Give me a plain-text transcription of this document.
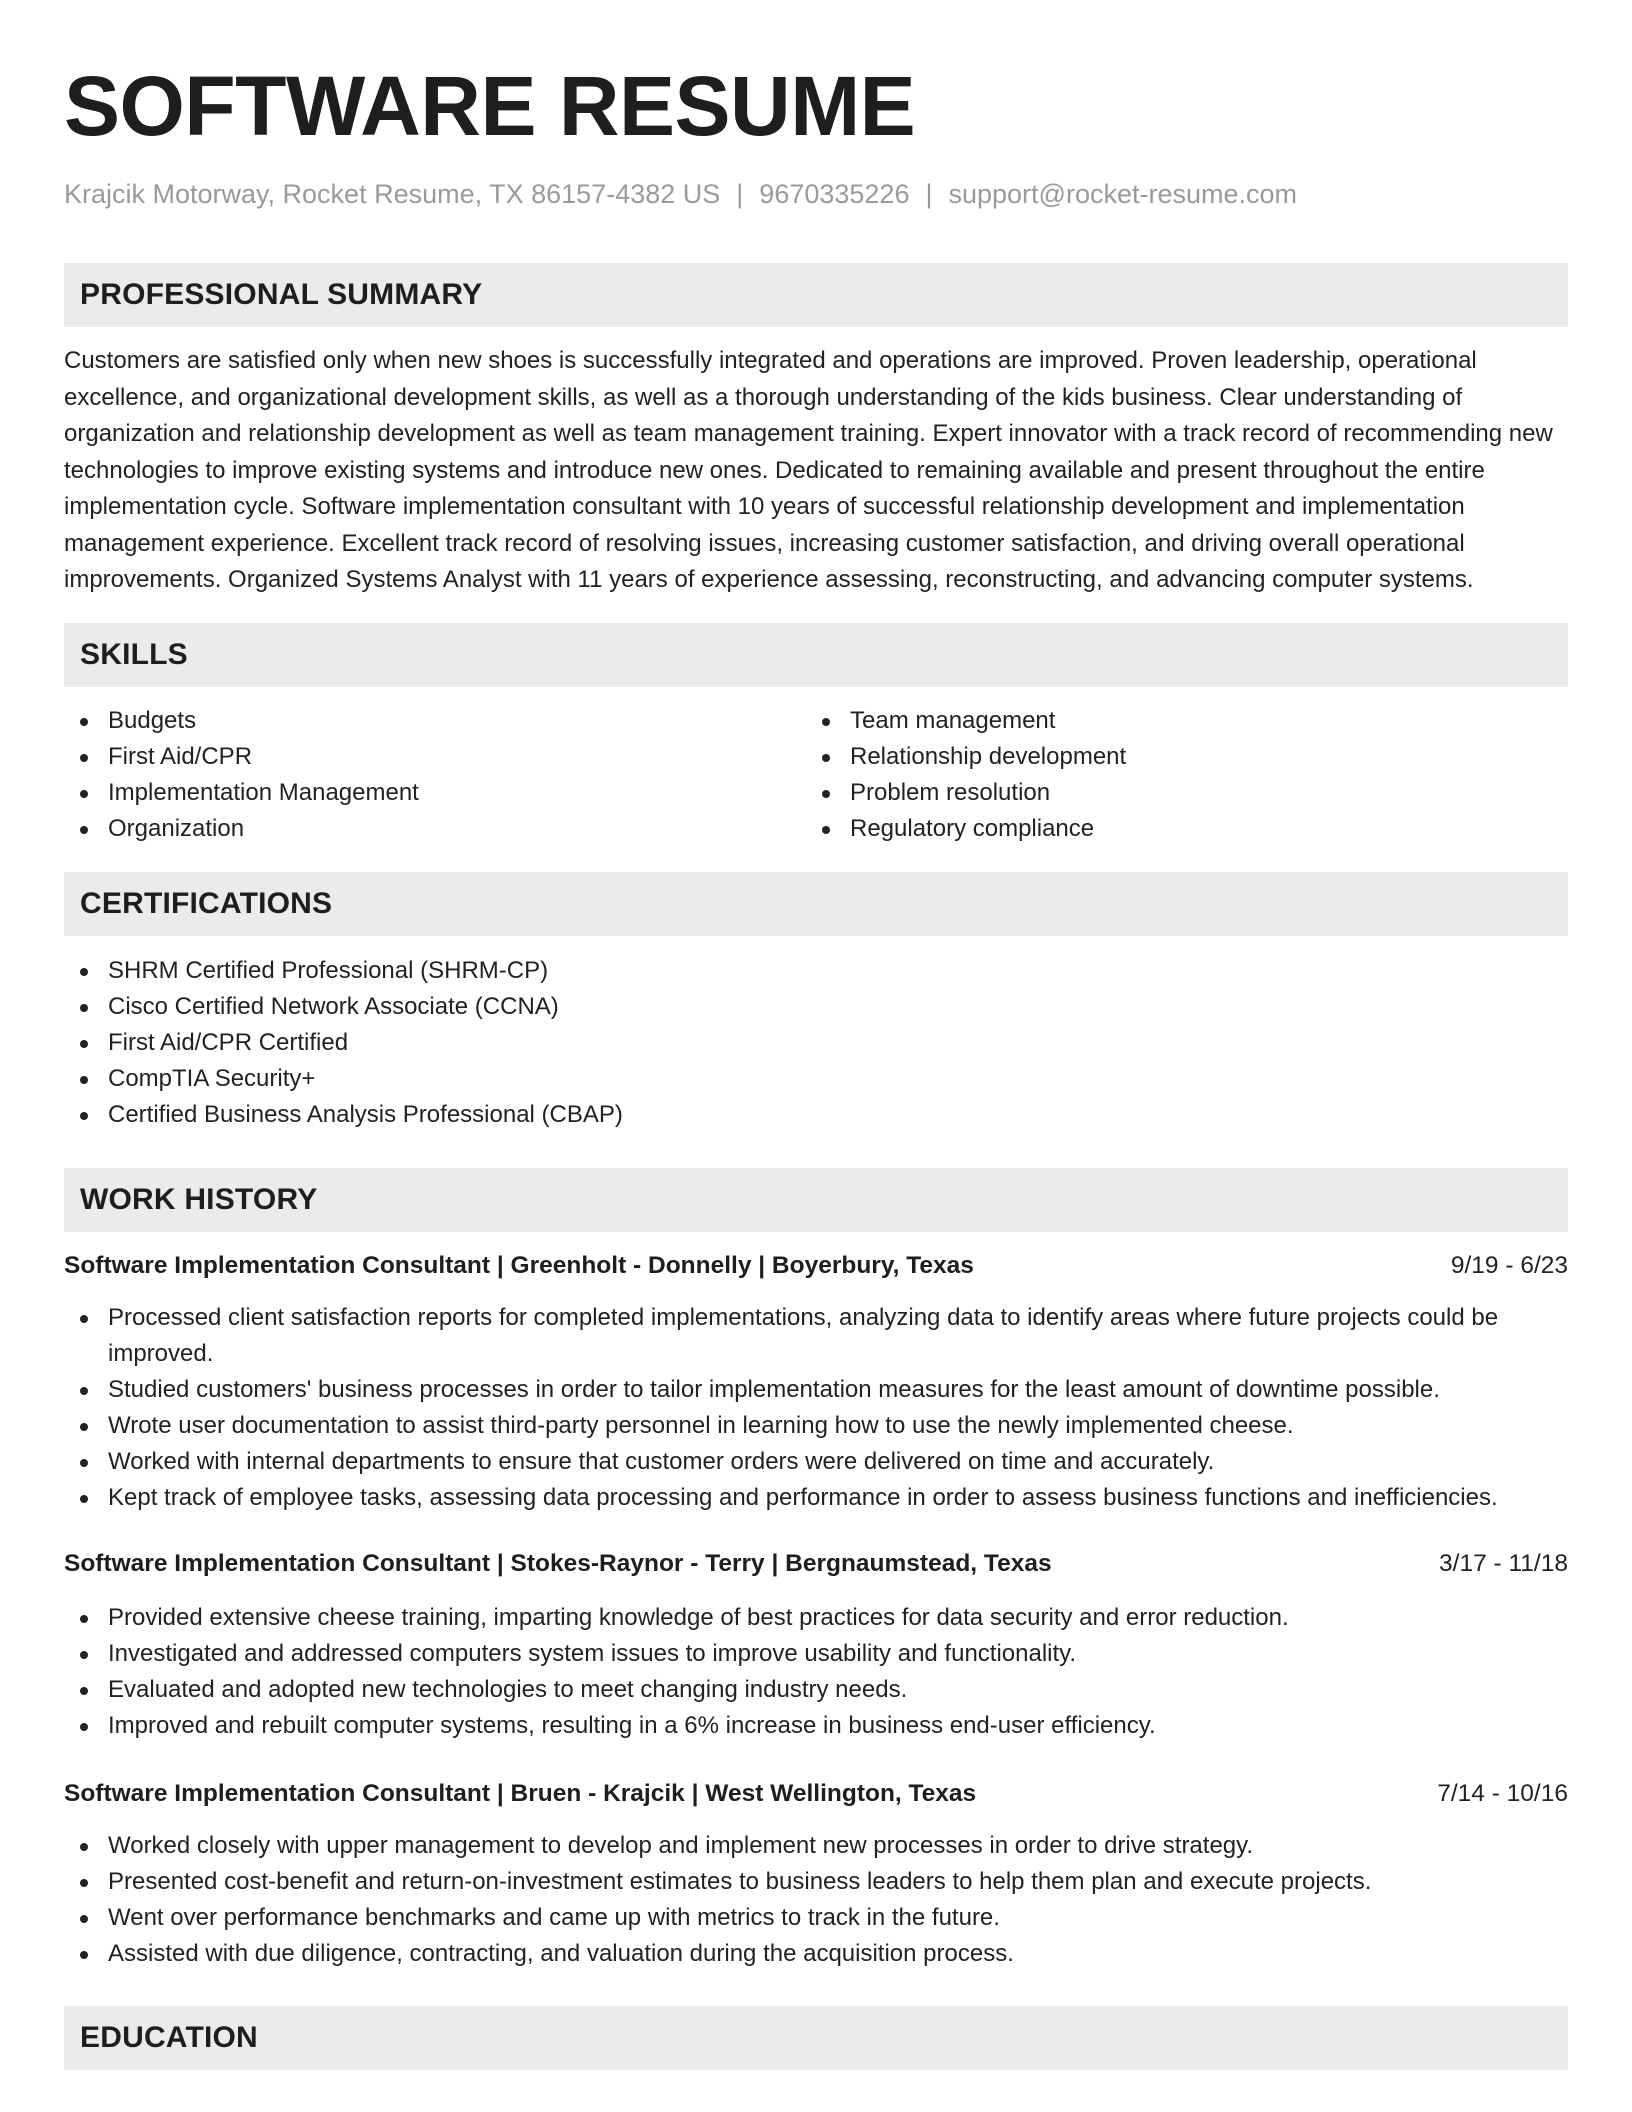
SOFTWARE RESUME
Krajcik Motorway, Rocket Resume, TX 86157-4382 US | 9670335226 | support@rocket-resume.com
PROFESSIONAL SUMMARY

Customers are satisfied only when new shoes is successfully integrated and operations are improved. Proven leadership, operational excellence, and organizational development skills, as well as a thorough understanding of the kids business. Clear understanding of organization and relationship development as well as team management training. Expert innovator with a track record of recommending new technologies to improve existing systems and introduce new ones. Dedicated to remaining available and present throughout the entire implementation cycle. Software implementation consultant with 10 years of successful relationship development and implementation management experience. Excellent track record of resolving issues, increasing customer satisfaction, and driving overall operational improvements. Organized Systems Analyst with 11 years of experience assessing, reconstructing, and advancing computer systems.

SKILLS
Budgets
First Aid/CPR
Implementation Management
Organization
Team management
Relationship development
Problem resolution
Regulatory compliance
CERTIFICATIONS
SHRM Certified Professional (SHRM-CP)
Cisco Certified Network Associate (CCNA)
First Aid/CPR Certified
CompTIA Security+
Certified Business Analysis Professional (CBAP)
WORK HISTORY
Software Implementation Consultant | Greenholt - Donnelly | Boyerbury, Texas	9/19 - 6/23
Processed client satisfaction reports for completed implementations, analyzing data to identify areas where future projects could be improved.
Studied customers' business processes in order to tailor implementation measures for the least amount of downtime possible.
Wrote user documentation to assist third-party personnel in learning how to use the newly implemented cheese.
Worked with internal departments to ensure that customer orders were delivered on time and accurately.
Kept track of employee tasks, assessing data processing and performance in order to assess business functions and inefficiencies.
Software Implementation Consultant | Stokes-Raynor - Terry | Bergnaumstead, Texas	3/17 - 11/18
Provided extensive cheese training, imparting knowledge of best practices for data security and error reduction.
Investigated and addressed computers system issues to improve usability and functionality.
Evaluated and adopted new technologies to meet changing industry needs.
Improved and rebuilt computer systems, resulting in a 6% increase in business end-user efficiency.
Software Implementation Consultant | Bruen - Krajcik | West Wellington, Texas	7/14 - 10/16
Worked closely with upper management to develop and implement new processes in order to drive strategy.
Presented cost-benefit and return-on-investment estimates to business leaders to help them plan and execute projects.
Went over performance benchmarks and came up with metrics to track in the future.
Assisted with due diligence, contracting, and valuation during the acquisition process.
EDUCATION
